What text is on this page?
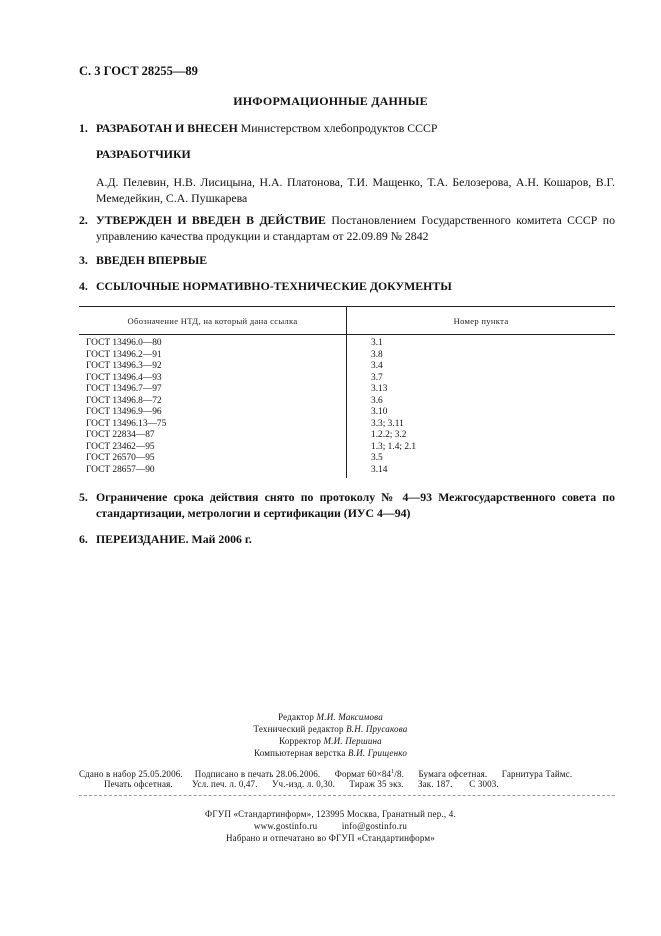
С. 3 ГОСТ 28255—89
ИНФОРМАЦИОННЫЕ ДАННЫЕ
1. РАЗРАБОТАН И ВНЕСЕН Министерством хлебопродуктов СССР
РАЗРАБОТЧИКИ
А.Д. Пелевин, Н.В. Лисицына, Н.А. Платонова, Т.И. Мащенко, Т.А. Белозерова, А.Н. Кошаров, В.Г. Мемедейкин, С.А. Пушкарева
2. УТВЕРЖДЕН И ВВЕДЕН В ДЕЙСТВИЕ Постановлением Государственного комитета СССР по управлению качества продукции и стандартам от 22.09.89 № 2842
3. ВВЕДЕН ВПЕРВЫЕ
4. ССЫЛОЧНЫЕ НОРМАТИВНО-ТЕХНИЧЕСКИЕ ДОКУМЕНТЫ
Обозначение НТД, на который дана ссылка	Номер пункта
ГОСТ 13496.0—80
ГОСТ 13496.2—91
ГОСТ 13496.3—92
ГОСТ 13496.4—93
ГОСТ 13496.7—97
ГОСТ 13496.8—72
ГОСТ 13496.9—96
ГОСТ 13496.13—75
ГОСТ 22834—87
ГОСТ 23462—95
ГОСТ 26570—95
ГОСТ 28657—90
3.1
3.8
3.4
3.7
3.13
3.6
3.10
3.3; 3.11
1.2.2; 3.2
1.3; 1.4; 2.1
3.5
3.14
5. Ограничение срока действия снято по протоколу № 4—93 Межгосударственного совета по стандартизации, метрологии и сертификации (ИУС 4—94)
6. ПЕРЕИЗДАНИЕ. Май 2006 г.
Редактор М.И. Максимова
Технический редактор В.Н. Прусакова
Корректор М.И. Першина
Компьютерная верстка В.И. Грищенко
Сдано в набор 25.05.2006. Подписано в печать 28.06.2006. Формат $60\times 84^1/8$. Бумага офсетная. Гарнитура Таймс.
Печать офсетная. Усл. печ. л. 0,47. Уч.-изд. л. 0,30. Тираж 35 экз. Зак. 187. С 3003.
ФГУП «Стандартинформ», 123995 Москва, Гранатный пер., 4.
www.gostinfo.ru          info@gostinfo.ru
Набрано и отпечатано во ФГУП «Стандартинформ»
